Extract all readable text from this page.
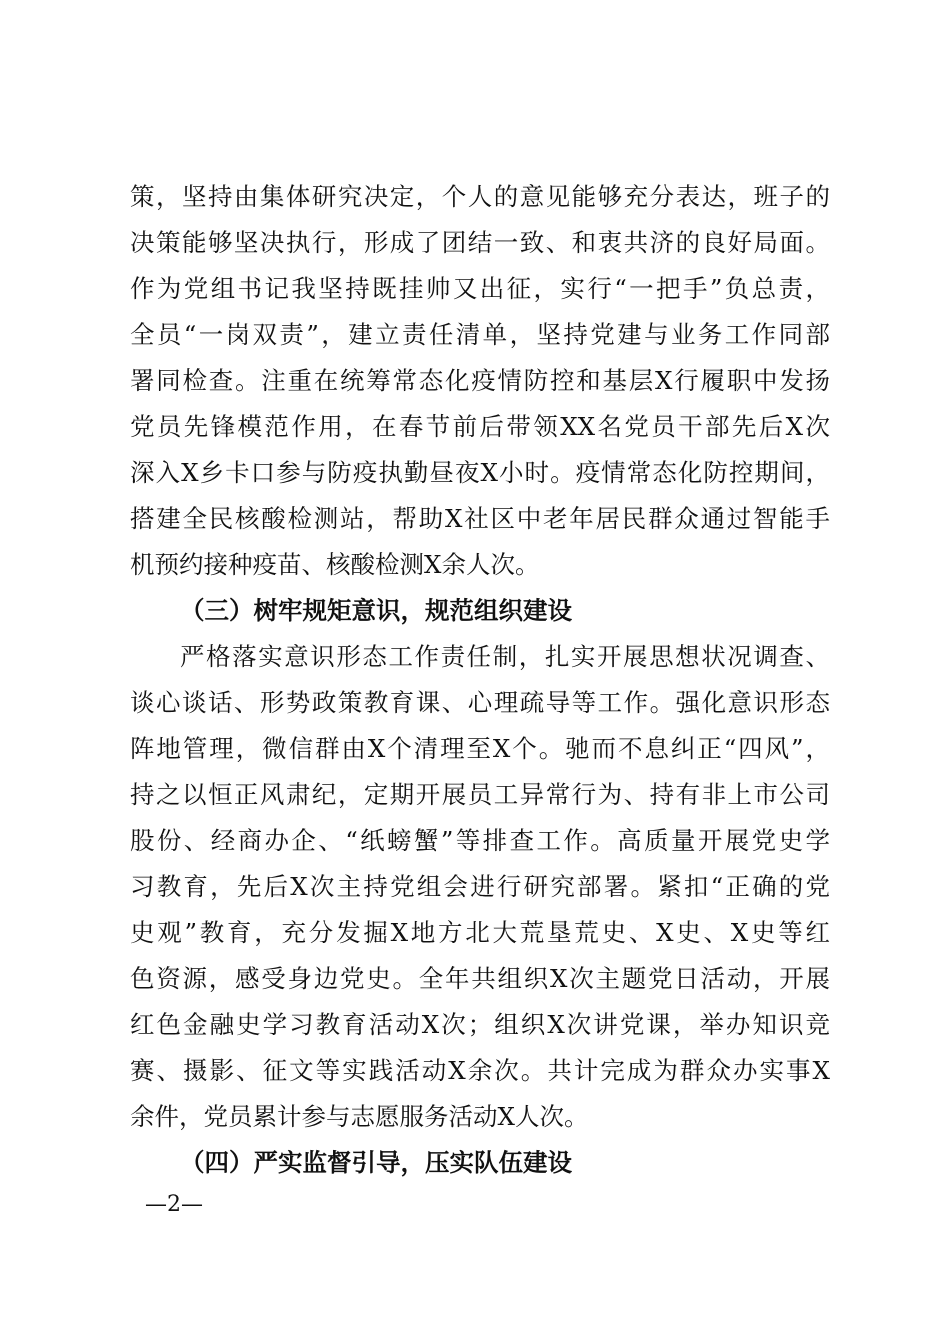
策，坚持由集体研究决定，个人的意见能够充分表达，班子的
决策能够坚决执行，形成了团结一致、和衷共济的良好局面。
作为党组书记我坚持既挂帅又出征，实行“一把手”负总责，
全员“一岗双责”，建立责任清单，坚持党建与业务工作同部
署同检查。注重在统筹常态化疫情防控和基层X行履职中发扬
党员先锋模范作用，在春节前后带领XX名党员干部先后X次
深入X乡卡口参与防疫执勤昼夜X小时。疫情常态化防控期间，
搭建全民核酸检测站，帮助X社区中老年居民群众通过智能手
机预约接种疫苗、核酸检测X余人次。
（三）树牢规矩意识，规范组织建设
严格落实意识形态工作责任制，扎实开展思想状况调查、
谈心谈话、形势政策教育课、心理疏导等工作。强化意识形态
阵地管理，微信群由X个清理至X个。驰而不息纠正“四风”，
持之以恒正风肃纪，定期开展员工异常行为、持有非上市公司
股份、经商办企、“纸螃蟹”等排查工作。高质量开展党史学
习教育，先后X次主持党组会进行研究部署。紧扣“正确的党
史观”教育，充分发掘X地方北大荒垦荒史、X史、X史等红
色资源，感受身边党史。全年共组织X次主题党日活动，开展
红色金融史学习教育活动X次；组织X次讲党课，举办知识竞
赛、摄影、征文等实践活动X余次。共计完成为群众办实事X
余件，党员累计参与志愿服务活动X人次。
（四）严实监督引导，压实队伍建设
—2—
